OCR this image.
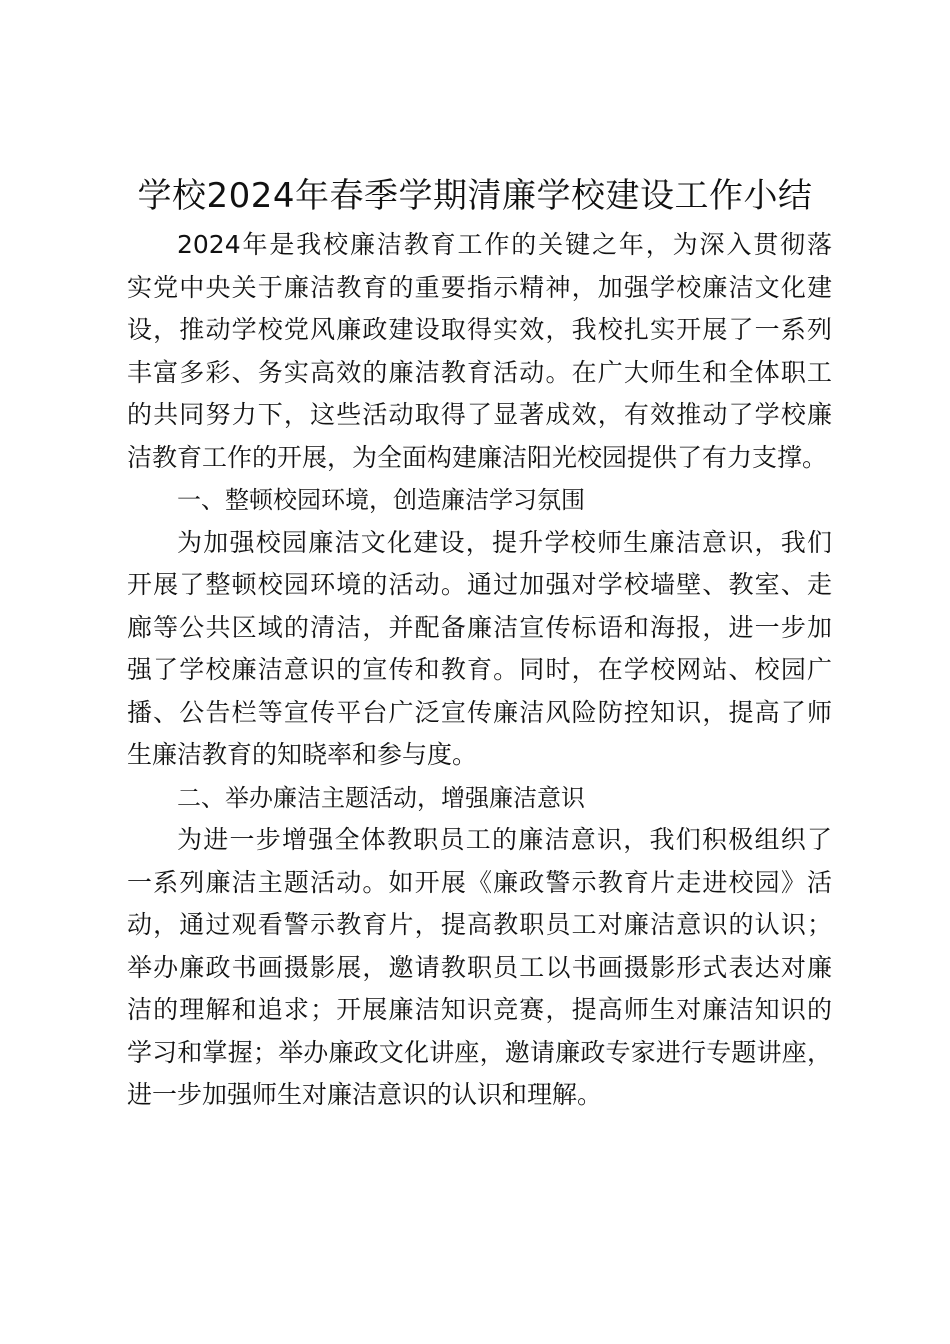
学校2024年春季学期清廉学校建设工作小结
2024年是我校廉洁教育工作的关键之年，为深入贯彻落
实党中央关于廉洁教育的重要指示精神，加强学校廉洁文化建
设，推动学校党风廉政建设取得实效，我校扎实开展了一系列
丰富多彩、务实高效的廉洁教育活动。在广大师生和全体职工
的共同努力下，这些活动取得了显著成效，有效推动了学校廉
洁教育工作的开展，为全面构建廉洁阳光校园提供了有力支撑。
一、整顿校园环境，创造廉洁学习氛围
为加强校园廉洁文化建设，提升学校师生廉洁意识，我们
开展了整顿校园环境的活动。通过加强对学校墙壁、教室、走
廊等公共区域的清洁，并配备廉洁宣传标语和海报，进一步加
强了学校廉洁意识的宣传和教育。同时，在学校网站、校园广
播、公告栏等宣传平台广泛宣传廉洁风险防控知识，提高了师
生廉洁教育的知晓率和参与度。
二、举办廉洁主题活动，增强廉洁意识
为进一步增强全体教职员工的廉洁意识，我们积极组织了
一系列廉洁主题活动。如开展《廉政警示教育片走进校园》活
动，通过观看警示教育片，提高教职员工对廉洁意识的认识；
举办廉政书画摄影展，邀请教职员工以书画摄影形式表达对廉
洁的理解和追求；开展廉洁知识竞赛，提高师生对廉洁知识的
学习和掌握；举办廉政文化讲座，邀请廉政专家进行专题讲座，
进一步加强师生对廉洁意识的认识和理解。
